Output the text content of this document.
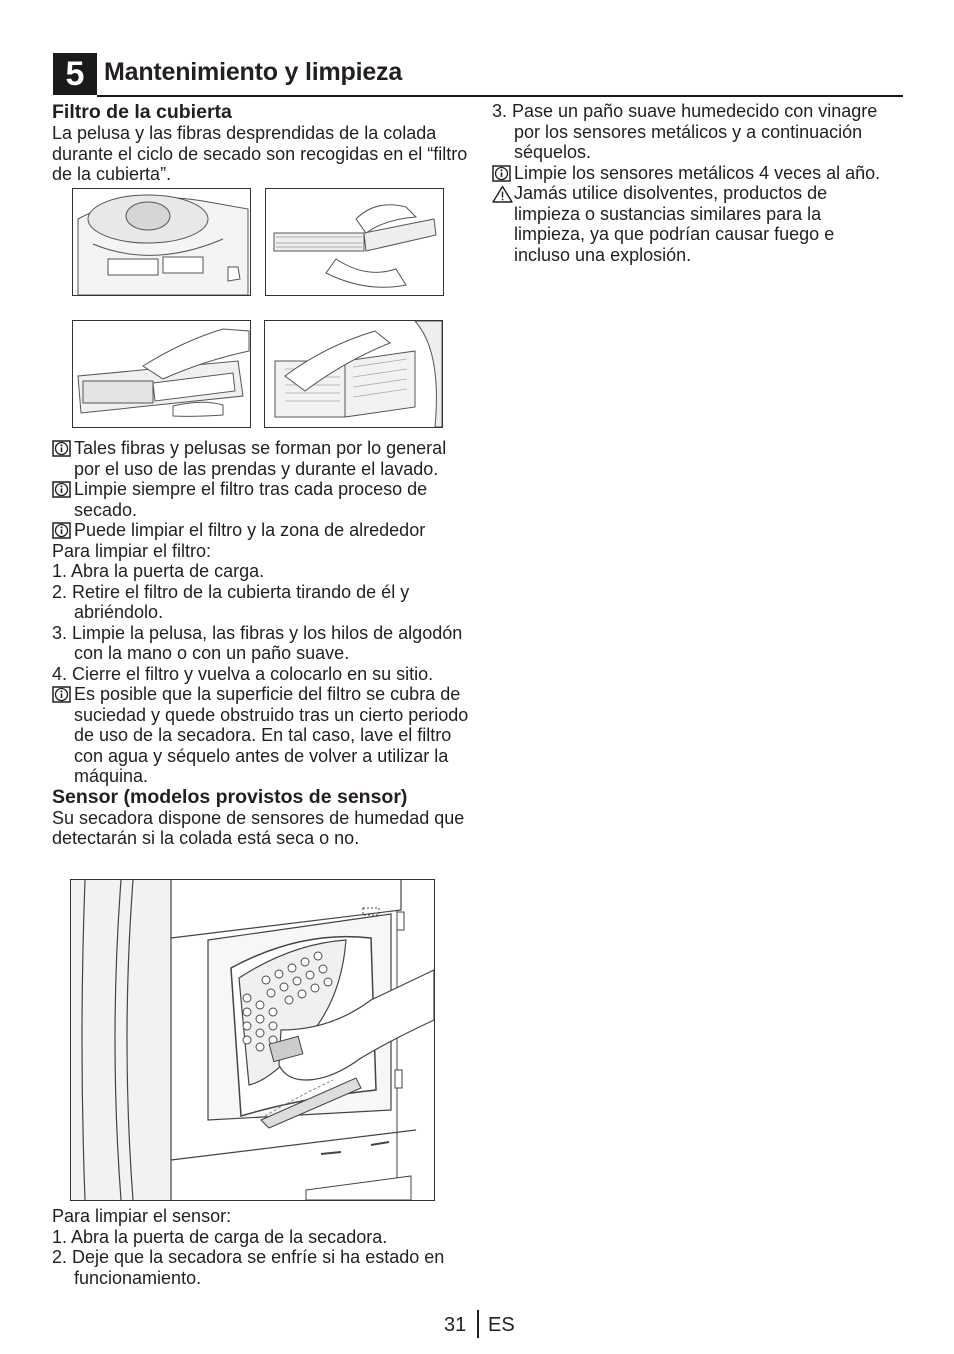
5 Mantenimiento y limpieza

Filtro de la cubierta

La pelusa y las fibras desprendidas de la colada durante el ciclo de secado son recogidas en el “filtro de la cubierta”.

Tales fibras y pelusas se forman por lo general por el uso de las prendas y durante el lavado.

Limpie siempre el filtro tras cada proceso de secado.

Puede limpiar el filtro y la zona de alrededor

Para limpiar el filtro:

1. Abra la puerta de carga.

2. Retire el filtro de la cubierta tirando de él y abriéndolo.

3. Limpie la pelusa, las fibras y los hilos de algodón con la mano o con un paño suave.

4. Cierre el filtro y vuelva a colocarlo en su sitio.

Es posible que la superficie del filtro se cubra de suciedad y quede obstruido tras un cierto periodo de uso de la secadora. En tal caso, lave el filtro con agua y séquelo antes de volver a utilizar la máquina.

Sensor (modelos provistos de sensor)

Su secadora dispone de sensores de humedad que detectarán si la colada está seca o no.

Para limpiar el sensor:

1. Abra la puerta de carga de la secadora.

2. Deje que la secadora se enfríe si ha estado en funcionamiento.

3. Pase un paño suave humedecido con vinagre por los sensores metálicos y a continuación séquelos.

Limpie los sensores metálicos 4 veces al año.

Jamás utilice disolventes, productos de limpieza o sustancias similares para la limpieza, ya que podrían causar fuego e incluso una explosión.

31 ES
